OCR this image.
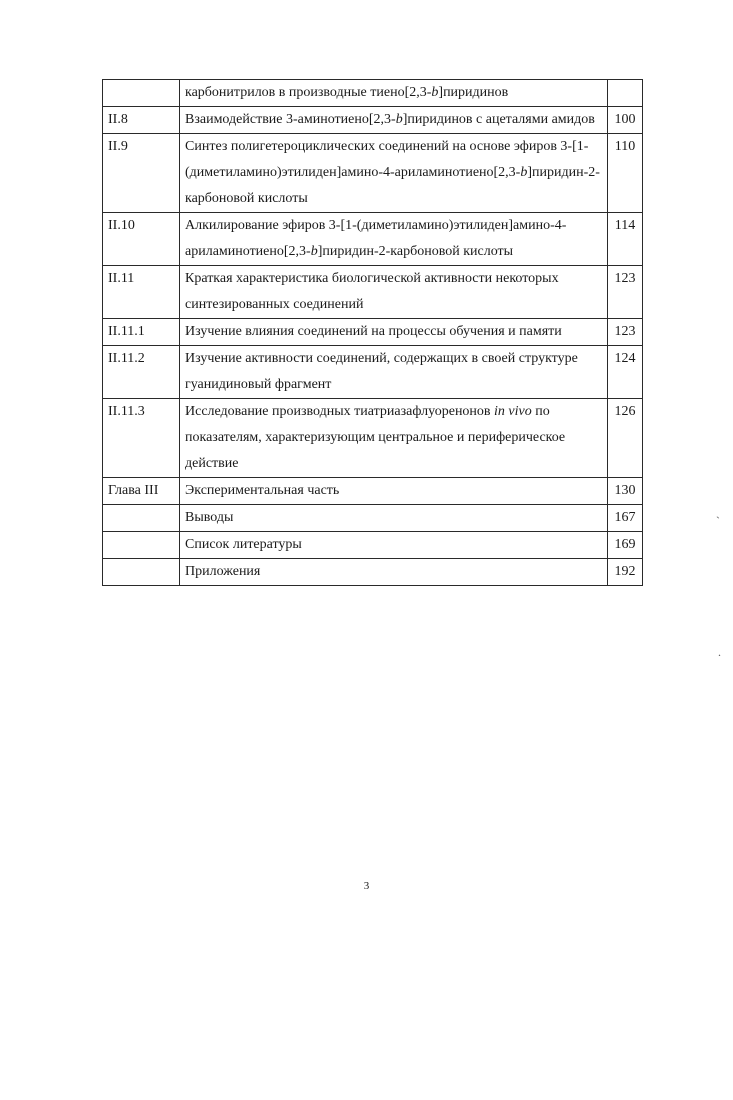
	карбонитрилов в производные тиено[2,3-b]пиридинов	
II.8	Взаимодействие 3-аминотиено[2,3-b]пиридинов с ацеталями амидов	100
II.9	Синтез полигетероциклических соединений на основе эфиров 3-[1-(диметиламино)этилиден]амино-4-ариламинотиено[2,3-b]пиридин-2-карбоновой кислоты	110
II.10	Алкилирование эфиров 3-[1-(диметиламино)этилиден]амино-4-ариламинотиено[2,3-b]пиридин-2-карбоновой кислоты	114
II.11	Краткая характеристика биологической активности некоторых синтезированных соединений	123
II.11.1	Изучение влияния соединений на процессы обучения и памяти	123
II.11.2	Изучение активности соединений, содержащих в своей структуре гуанидиновый фрагмент	124
II.11.3	Исследование производных тиатриазафлуоренонов in vivo по показателям, характеризующим центральное и периферическое действие	126
Глава III	Экспериментальная часть	130
	Выводы	167
	Список литературы	169
	Приложения	192
ˎ
.
3
